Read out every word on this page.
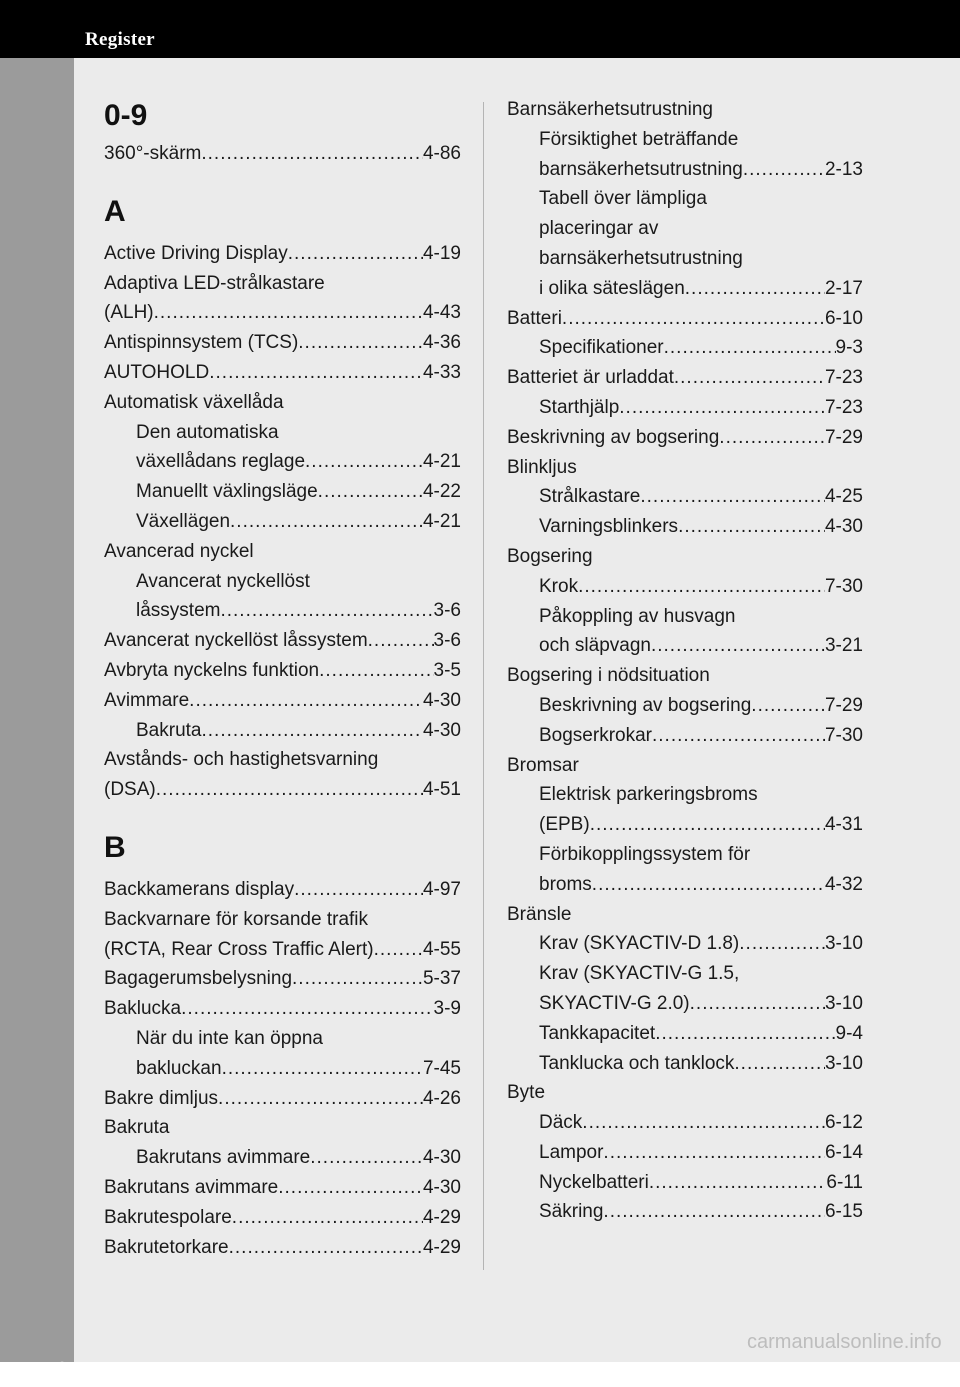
Register
11-2
0-9
360°-skärm .....	4-86
A
Active Driving Display .....	4-19
Adaptiva LED-strålkastare
(ALH) .....	4-43
Antispinnsystem (TCS) .....	4-36
AUTOHOLD .....	4-33
Automatisk växellåda
Den automatiska
växellådans reglage .....	4-21
Manuellt växlingsläge .....	4-22
Växellägen .....	4-21
Avancerad nyckel
Avancerat nyckellöst
låssystem .....	3-6
Avancerat nyckellöst låssystem .....	3-6
Avbryta nyckelns funktion .....	3-5
Avimmare .....	4-30
Bakruta .....	4-30
Avstånds- och hastighetsvarning
(DSA) .....	4-51
B
Backkamerans display .....	4-97
Backvarnare för korsande trafik
(RCTA, Rear Cross Traffic Alert) .....	4-55
Bagagerumsbelysning .....	5-37
Baklucka .....	3-9
När du inte kan öppna
bakluckan .....	7-45
Bakre dimljus .....	4-26
Bakruta
Bakrutans avimmare .....	4-30
Bakrutans avimmare .....	4-30
Bakrutespolare .....	4-29
Bakrutetorkare .....	4-29
Barnsäkerhetsutrustning
Försiktighet beträffande
barnsäkerhetsutrustning .....	2-13
Tabell över lämpliga
placeringar av
barnsäkerhetsutrustning
i olika säteslägen .....	2-17
Batteri .....	6-10
Specifikationer .....	9-3
Batteriet är urladdat .....	7-23
Starthjälp .....	7-23
Beskrivning av bogsering .....	7-29
Blinkljus
Strålkastare .....	4-25
Varningsblinkers .....	4-30
Bogsering
Krok .....	7-30
Påkoppling av husvagn
och släpvagn .....	3-21
Bogsering i nödsituation
Beskrivning av bogsering .....	7-29
Bogserkrokar .....	7-30
Bromsar
Elektrisk parkeringsbroms
(EPB) .....	4-31
Förbikopplingssystem för
broms .....	4-32
Bränsle
Krav (SKYACTIV-D 1.8) .....	3-10
Krav (SKYACTIV-G 1.5,
SKYACTIV-G 2.0) .....	3-10
Tankkapacitet .....	9-4
Tanklucka och tanklock .....	3-10
Byte
Däck .....	6-12
Lampor .....	6-14
Nyckelbatteri .....	6-11
Säkring .....	6-15
carmanualsonline.info
